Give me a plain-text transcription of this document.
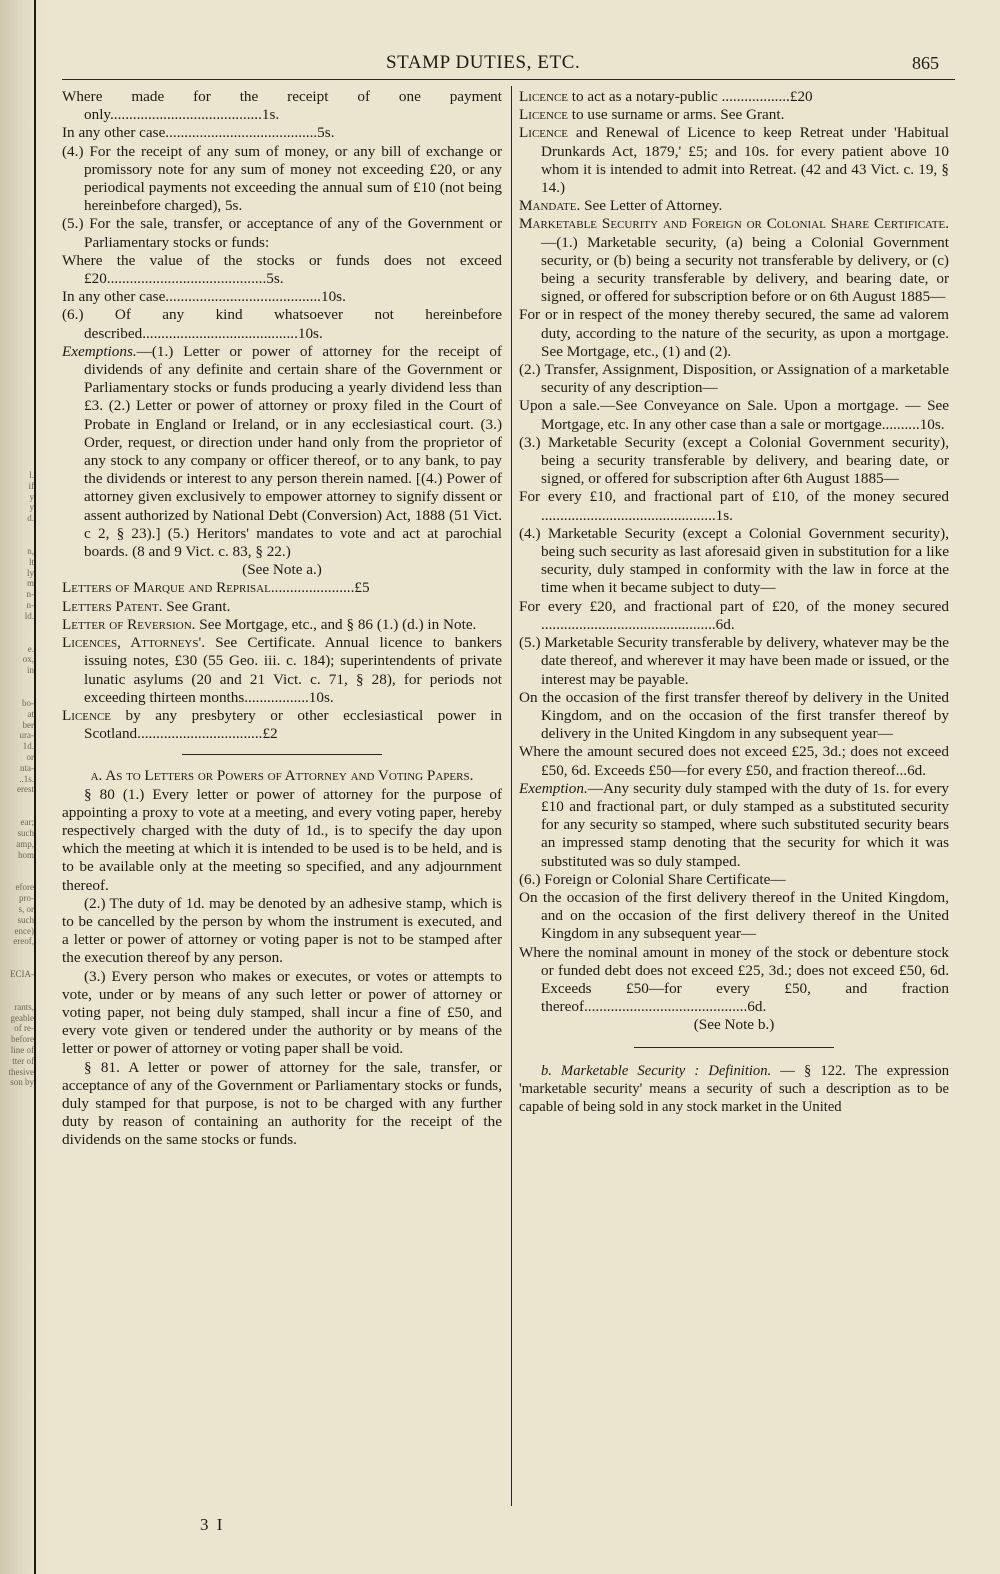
l.
if
y
y
d.
n,
lt
ly
m
n-
n-
ld.
e.
ox,
in
bo-
at
ber
ura-
1d.
or
nta-
..1s.
erest
ear;
such
amp,
hom
efore
pro-
s, or
such
ence)
ereof,
ECIA-
rants,
geable
of re-
before
line of
tter of
thesive
son by
STAMP DUTIES, ETC.	865

Where made for the receipt of one payment only........................................1s.

In any other case........................................5s.

(4.) For the receipt of any sum of money, or any bill of exchange or promissory note for any sum of money not exceeding £20, or any periodical payments not exceeding the annual sum of £10 (not being hereinbefore charged), 5s.

(5.) For the sale, transfer, or acceptance of any of the Government or Parliamentary stocks or funds:

Where the value of the stocks or funds does not exceed £20..........................................5s.

In any other case.........................................10s.

(6.) Of any kind whatsoever not hereinbefore described.........................................10s.

Exemptions.—(1.) Letter or power of attorney for the receipt of dividends of any definite and certain share of the Government or Parliamentary stocks or funds producing a yearly dividend less than £3. (2.) Letter or power of attorney or proxy filed in the Court of Probate in England or Ireland, or in any ecclesiastical court. (3.) Order, request, or direction under hand only from the proprietor of any stock to any company or officer thereof, or to any bank, to pay the dividends or interest to any person therein named. [(4.) Power of attorney given exclusively to empower attorney to signify dissent or assent authorized by National Debt (Conversion) Act, 1888 (51 Vict. c 2, § 23).] (5.) Heritors' mandates to vote and act at parochial boards. (8 and 9 Vict. c. 83, § 22.)

(See Note a.)

Letters of Marque and Reprisal......................£5

Letters Patent. See Grant.

Letter of Reversion. See Mortgage, etc., and § 86 (1.) (d.) in Note.

Licences, Attorneys'. See Certificate. Annual licence to bankers issuing notes, £30 (55 Geo. iii. c. 184); superintendents of private lunatic asylums (20 and 21 Vict. c. 71, § 28), for periods not exceeding thirteen months.................10s.

Licence by any presbytery or other ecclesiastical power in Scotland.................................£2

a. As to Letters or Powers of Attorney and Voting Papers.

§ 80 (1.) Every letter or power of attorney for the purpose of appointing a proxy to vote at a meeting, and every voting paper, hereby respectively charged with the duty of 1d., is to specify the day upon which the meeting at which it is intended to be used is to be held, and is to be available only at the meeting so specified, and any adjournment thereof.

(2.) The duty of 1d. may be denoted by an adhesive stamp, which is to be cancelled by the person by whom the instrument is executed, and a letter or power of attorney or voting paper is not to be stamped after the execution thereof by any person.

(3.) Every person who makes or executes, or votes or attempts to vote, under or by means of any such letter or power of attorney or voting paper, not being duly stamped, shall incur a fine of £50, and every vote given or tendered under the authority or by means of the letter or power of attorney or voting paper shall be void.

§ 81. A letter or power of attorney for the sale, transfer, or acceptance of any of the Government or Parliamentary stocks or funds, duly stamped for that purpose, is not to be charged with any further duty by reason of containing an authority for the receipt of the dividends on the same stocks or funds.

Licence to act as a notary-public ..................£20

Licence to use surname or arms. See Grant.

Licence and Renewal of Licence to keep Retreat under 'Habitual Drunkards Act, 1879,' £5; and 10s. for every patient above 10 whom it is intended to admit into Retreat. (42 and 43 Vict. c. 19, § 14.)

Mandate. See Letter of Attorney.

Marketable Security and Foreign or Colonial Share Certificate.—(1.) Marketable security, (a) being a Colonial Government security, or (b) being a security not transferable by delivery, or (c) being a security transferable by delivery, and bearing date, or signed, or offered for subscription before or on 6th August 1885—

For or in respect of the money thereby secured, the same ad valorem duty, according to the nature of the security, as upon a mortgage. See Mortgage, etc., (1) and (2).

(2.) Transfer, Assignment, Disposition, or Assignation of a marketable security of any description—

Upon a sale.—See Conveyance on Sale. Upon a mortgage. — See Mortgage, etc. In any other case than a sale or mortgage..........10s.

(3.) Marketable Security (except a Colonial Government security), being a security transferable by delivery, and bearing date, or signed, or offered for subscription after 6th August 1885—

For every £10, and fractional part of £10, of the money secured ..............................................1s.

(4.) Marketable Security (except a Colonial Government security), being such security as last aforesaid given in substitution for a like security, duly stamped in conformity with the law in force at the time when it became subject to duty—

For every £20, and fractional part of £20, of the money secured ..............................................6d.

(5.) Marketable Security transferable by delivery, whatever may be the date thereof, and wherever it may have been made or issued, or the interest may be payable.

On the occasion of the first transfer thereof by delivery in the United Kingdom, and on the occasion of the first transfer thereof by delivery in the United Kingdom in any subsequent year—

Where the amount secured does not exceed £25, 3d.; does not exceed £50, 6d. Exceeds £50—for every £50, and fraction thereof...6d.

Exemption.—Any security duly stamped with the duty of 1s. for every £10 and fractional part, or duly stamped as a substituted security for any security so stamped, where such substituted security bears an impressed stamp denoting that the security for which it was substituted was so duly stamped.

(6.) Foreign or Colonial Share Certificate—

On the occasion of the first delivery thereof in the United Kingdom, and on the occasion of the first delivery thereof in the United Kingdom in any subsequent year—

Where the nominal amount in money of the stock or debenture stock or funded debt does not exceed £25, 3d.; does not exceed £50, 6d. Exceeds £50—for every £50, and fraction thereof...........................................6d.

(See Note b.)

b. Marketable Security : Definition. — § 122. The expression 'marketable security' means a security of such a description as to be capable of being sold in any stock market in the United

3 I
